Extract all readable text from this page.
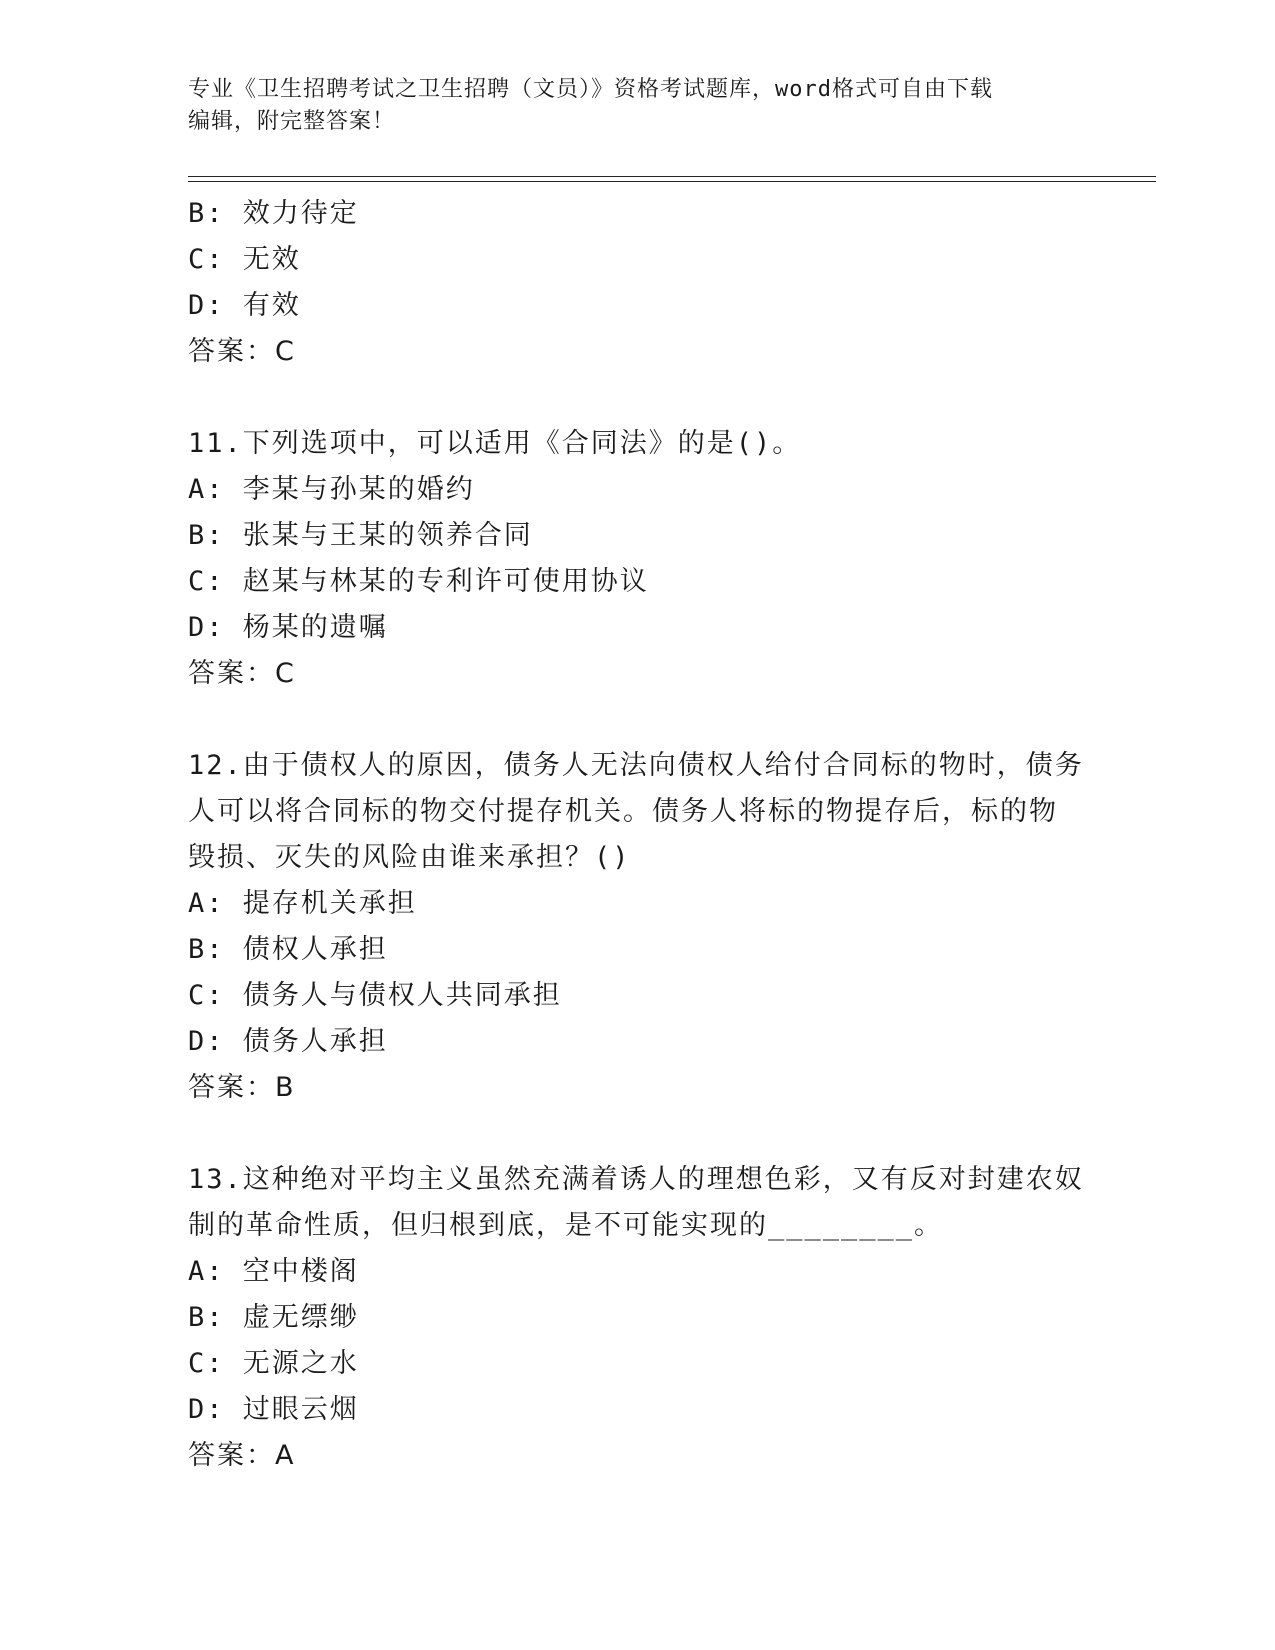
专业《卫生招聘考试之卫生招聘（文员）》资格考试题库，word格式可自由下载
编辑，附完整答案！
B: 效力待定
C: 无效
D: 有效
答案：C
11.下列选项中，可以适用《合同法》的是()。
A: 李某与孙某的婚约
B: 张某与王某的领养合同
C: 赵某与林某的专利许可使用协议
D: 杨某的遗嘱
答案：C
12.由于债权人的原因，债务人无法向债权人给付合同标的物时，债务
人可以将合同标的物交付提存机关。债务人将标的物提存后，标的物
毁损、灭失的风险由谁来承担？()
A: 提存机关承担
B: 债权人承担
C: 债务人与债权人共同承担
D: 债务人承担
答案：B
13.这种绝对平均主义虽然充满着诱人的理想色彩，又有反对封建农奴
制的革命性质，但归根到底，是不可能实现的________。
A: 空中楼阁
B: 虚无缥缈
C: 无源之水
D: 过眼云烟
答案：A
